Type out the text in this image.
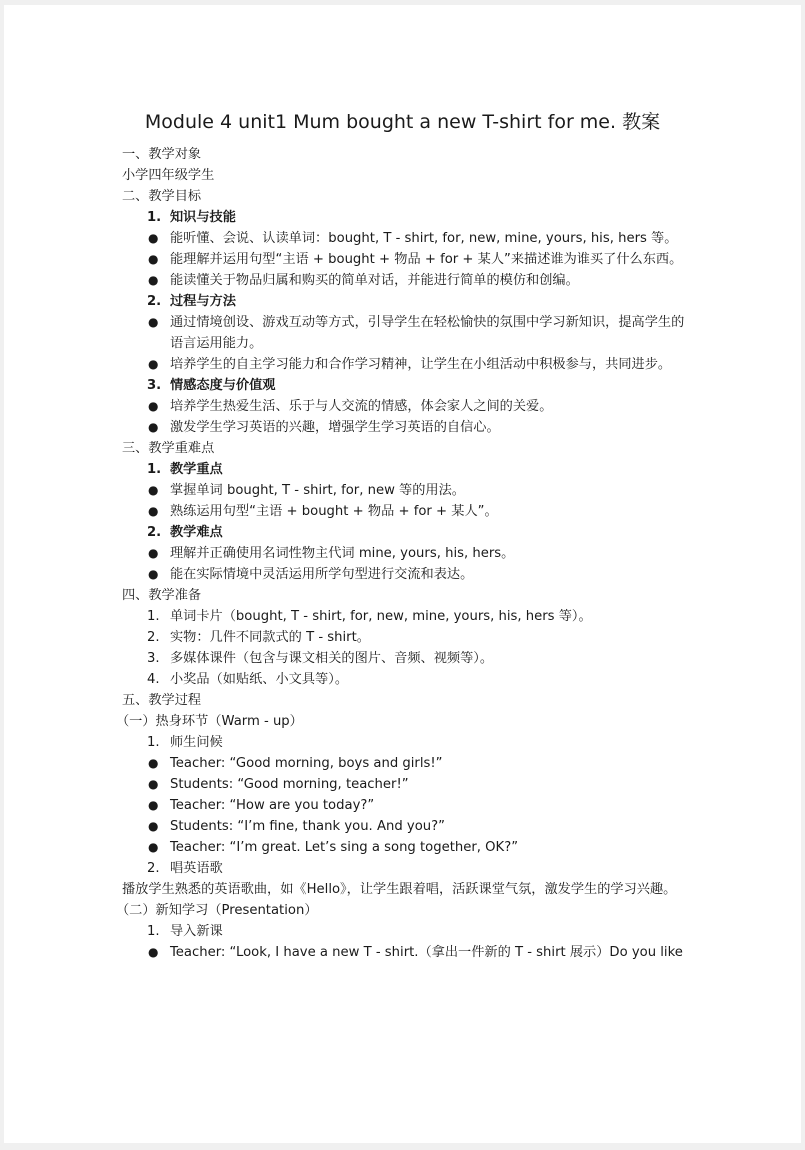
Module 4 unit1 Mum bought a new T-shirt for me. 教案
一、教学对象
小学四年级学生
二、教学目标
1. 知识与技能
● 能听懂、会说、认读单词：bought, T - shirt, for, new, mine, yours, his, hers 等。
● 能理解并运用句型“主语 + bought + 物品 + for + 某人”来描述谁为谁买了什么东西。
● 能读懂关于物品归属和购买的简单对话，并能进行简单的模仿和创编。
2. 过程与方法
● 通过情境创设、游戏互动等方式，引导学生在轻松愉快的氛围中学习新知识，提高学生的语言运用能力。
● 培养学生的自主学习能力和合作学习精神，让学生在小组活动中积极参与，共同进步。
3. 情感态度与价值观
● 培养学生热爱生活、乐于与人交流的情感，体会家人之间的关爱。
● 激发学生学习英语的兴趣，增强学生学习英语的自信心。
三、教学重难点
1. 教学重点
● 掌握单词 bought, T - shirt, for, new 等的用法。
● 熟练运用句型“主语 + bought + 物品 + for + 某人”。
2. 教学难点
● 理解并正确使用名词性物主代词 mine, yours, his, hers。
● 能在实际情境中灵活运用所学句型进行交流和表达。
四、教学准备
1. 单词卡片（bought, T - shirt, for, new, mine, yours, his, hers 等）。
2. 实物：几件不同款式的 T - shirt。
3. 多媒体课件（包含与课文相关的图片、音频、视频等）。
4. 小奖品（如贴纸、小文具等）。
五、教学过程
（一）热身环节（Warm - up）
1. 师生问候
● Teacher: “Good morning, boys and girls!”
● Students: “Good morning, teacher!”
● Teacher: “How are you today?”
● Students: “I’m fine, thank you. And you?”
● Teacher: “I’m great. Let’s sing a song together, OK?”
2. 唱英语歌
播放学生熟悉的英语歌曲，如《Hello》，让学生跟着唱，活跃课堂气氛，激发学生的学习兴趣。
（二）新知学习（Presentation）
1. 导入新课
● Teacher: “Look, I have a new T - shirt.（拿出一件新的 T - shirt 展示）Do you like
